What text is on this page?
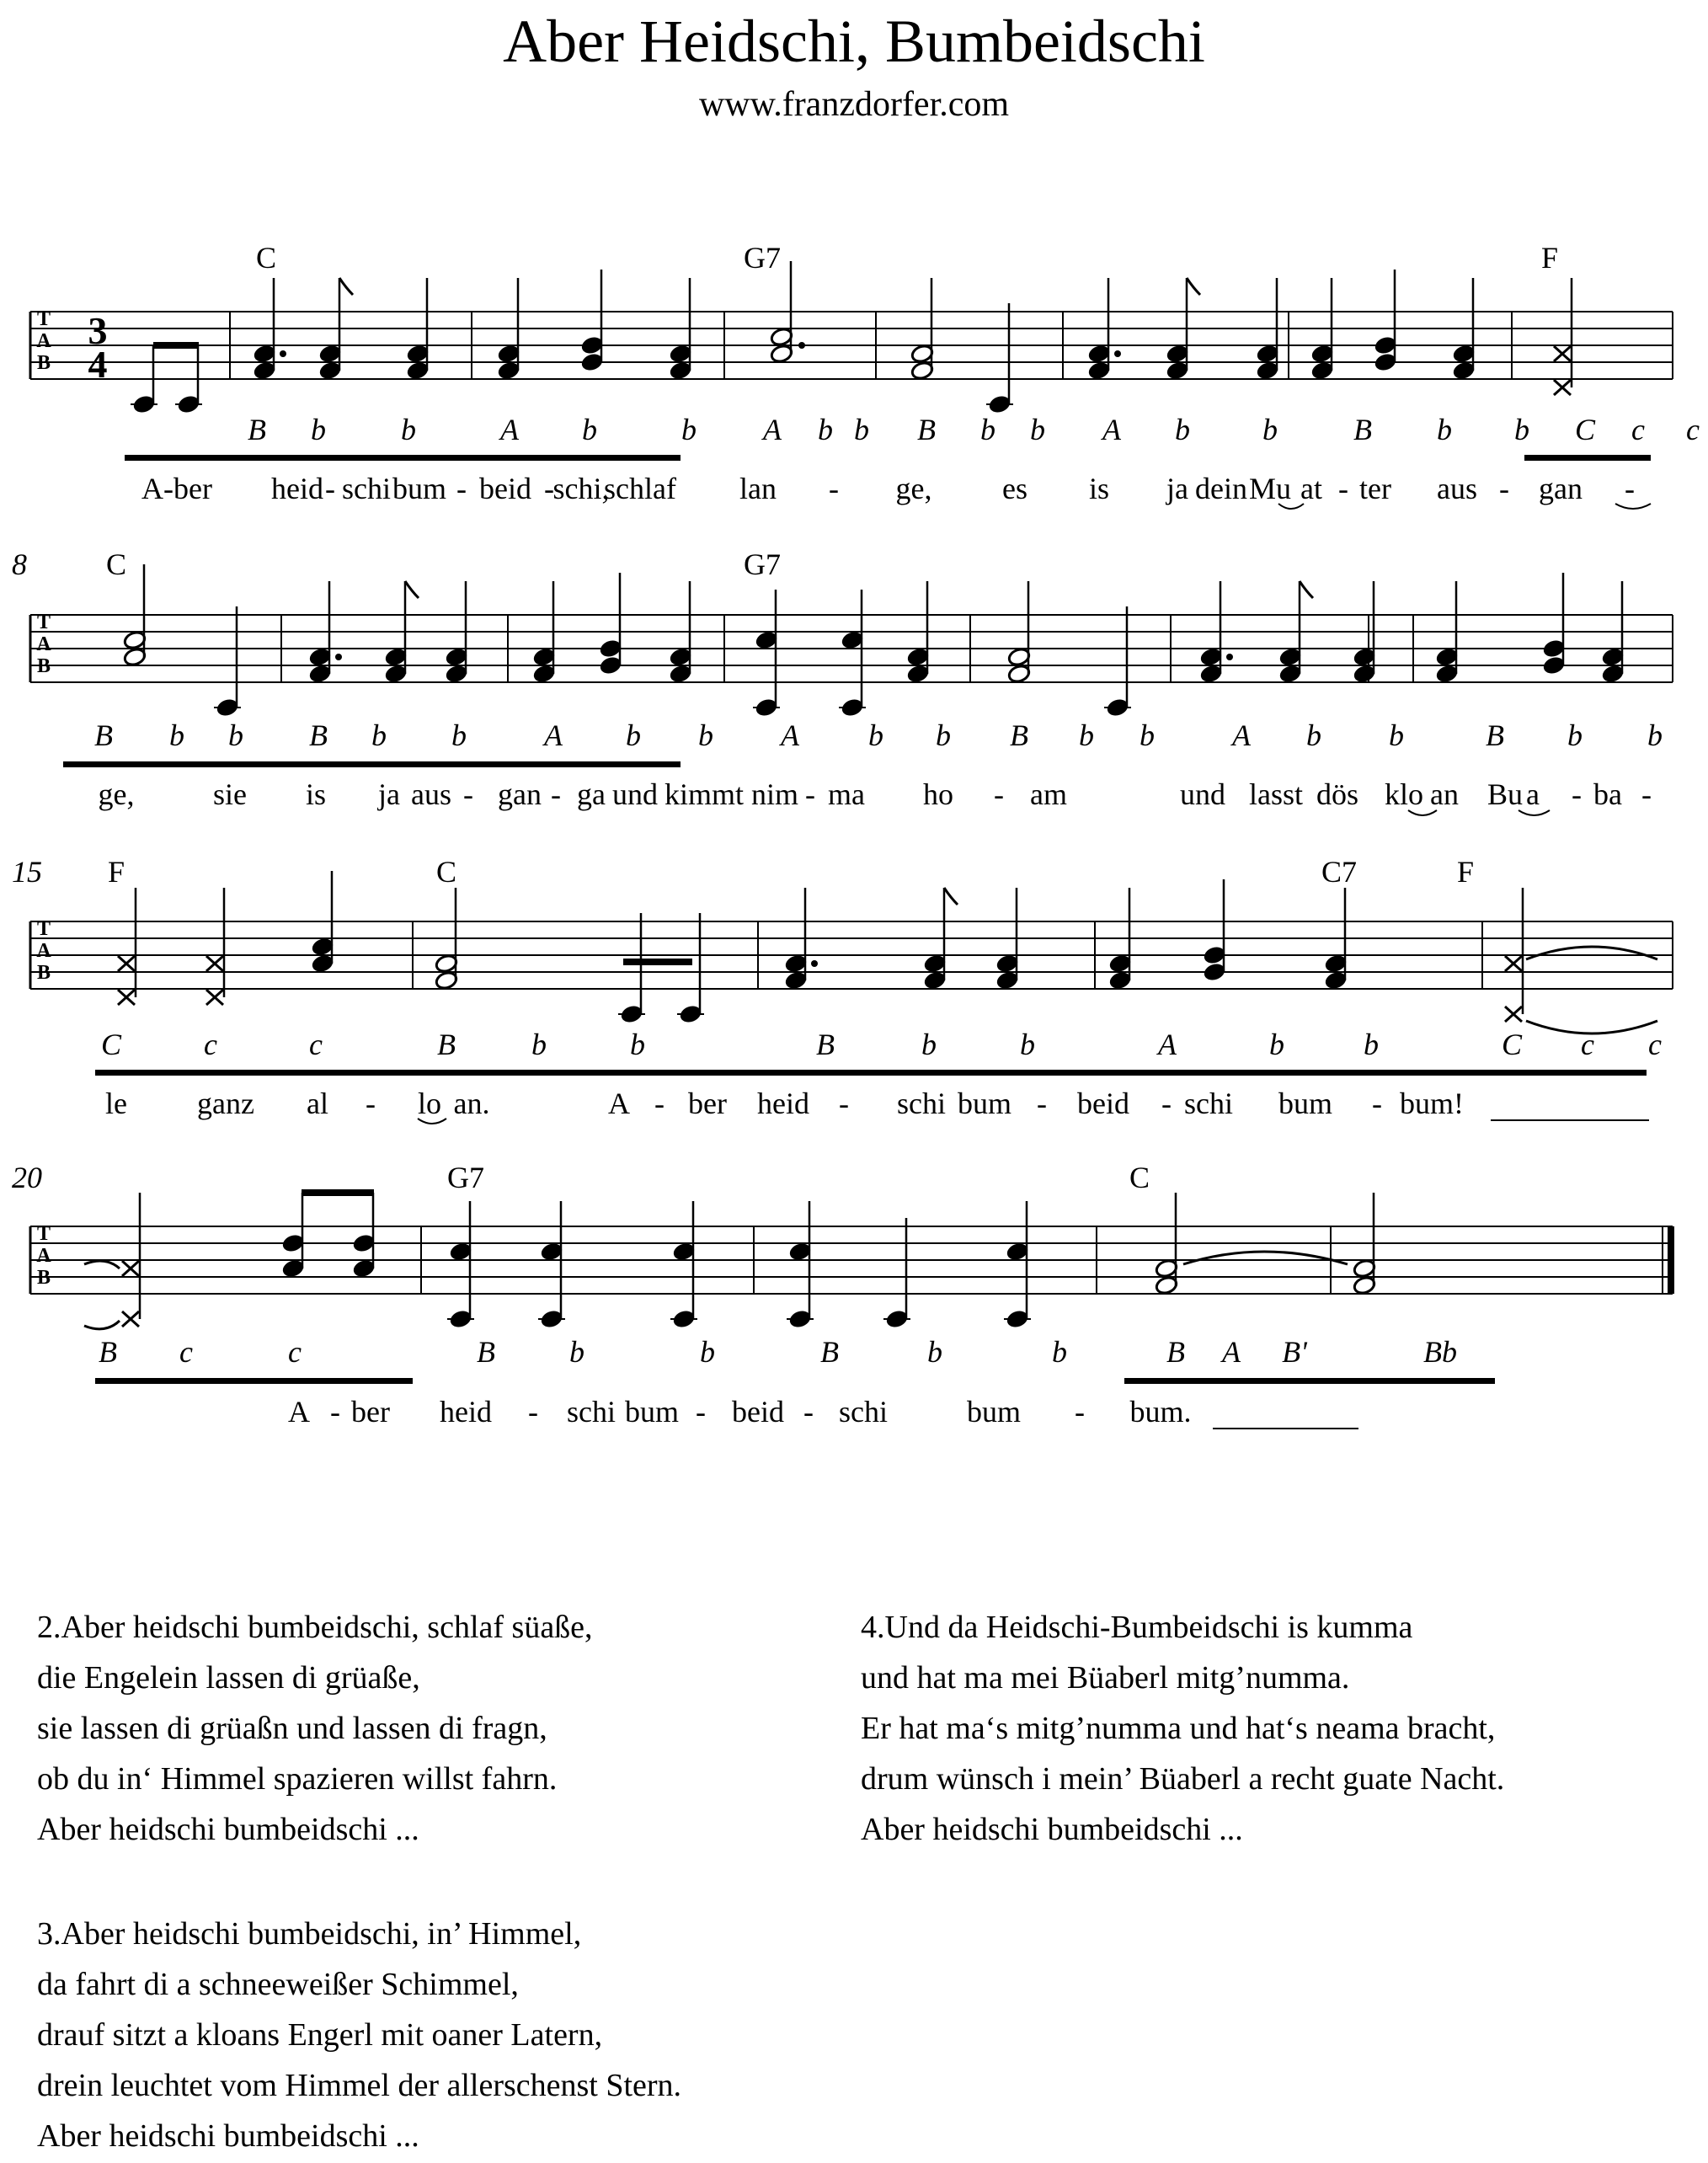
Aber Heidschi, Bumbeidschi
www.franzdorfer.com
T
A
B
3
4
C	G7	F
B b b	A b	b A b b B b b A b b	B b b C c c
A-ber heid - schi bum - beid -
schi,
schlaf lan - ge, es is ja dein Mu at - ter aus - gan -
T
A
B
8	C	G7
B b b B b b	A b b A b b B b b	A b b	B b b
ge,	sie is ja aus - gan - ga und kimmt nim - ma ho - am	und lasst dös klo an Bu a - ba -
T
A
B
15 F	C	C7	F
C	c	c	B	b	b	B	b	b	A	b	b	C c c
le ganz al - lo an.	A - ber heid - schi bum - beid - schi bum - bum!
T
A
B
20	G7	C
B c	c	B b	b	B	b	b	B A B'	Bb
A - ber heid - schi bum - beid - schi	bum - bum.
2.Aber heidschi bumbeidschi, schlaf süaße,
die Engelein lassen di grüaße,
sie lassen di grüaßn und lassen di fragn,
ob du in‘ Himmel spazieren willst fahrn.
Aber heidschi bumbeidschi ...
3.Aber heidschi bumbeidschi, in’ Himmel,
da fahrt di a schneeweißer Schimmel,
drauf sitzt a kloans Engerl mit oaner Latern,
drein leuchtet vom Himmel der allerschenst Stern.
Aber heidschi bumbeidschi ...
4.Und da Heidschi-Bumbeidschi is kumma
und hat ma mei Büaberl mitg’numma.
Er hat ma‘s mitg’numma und hat‘s neama bracht,
drum wünsch i mein’ Büaberl a recht guate Nacht.
Aber heidschi bumbeidschi ...
